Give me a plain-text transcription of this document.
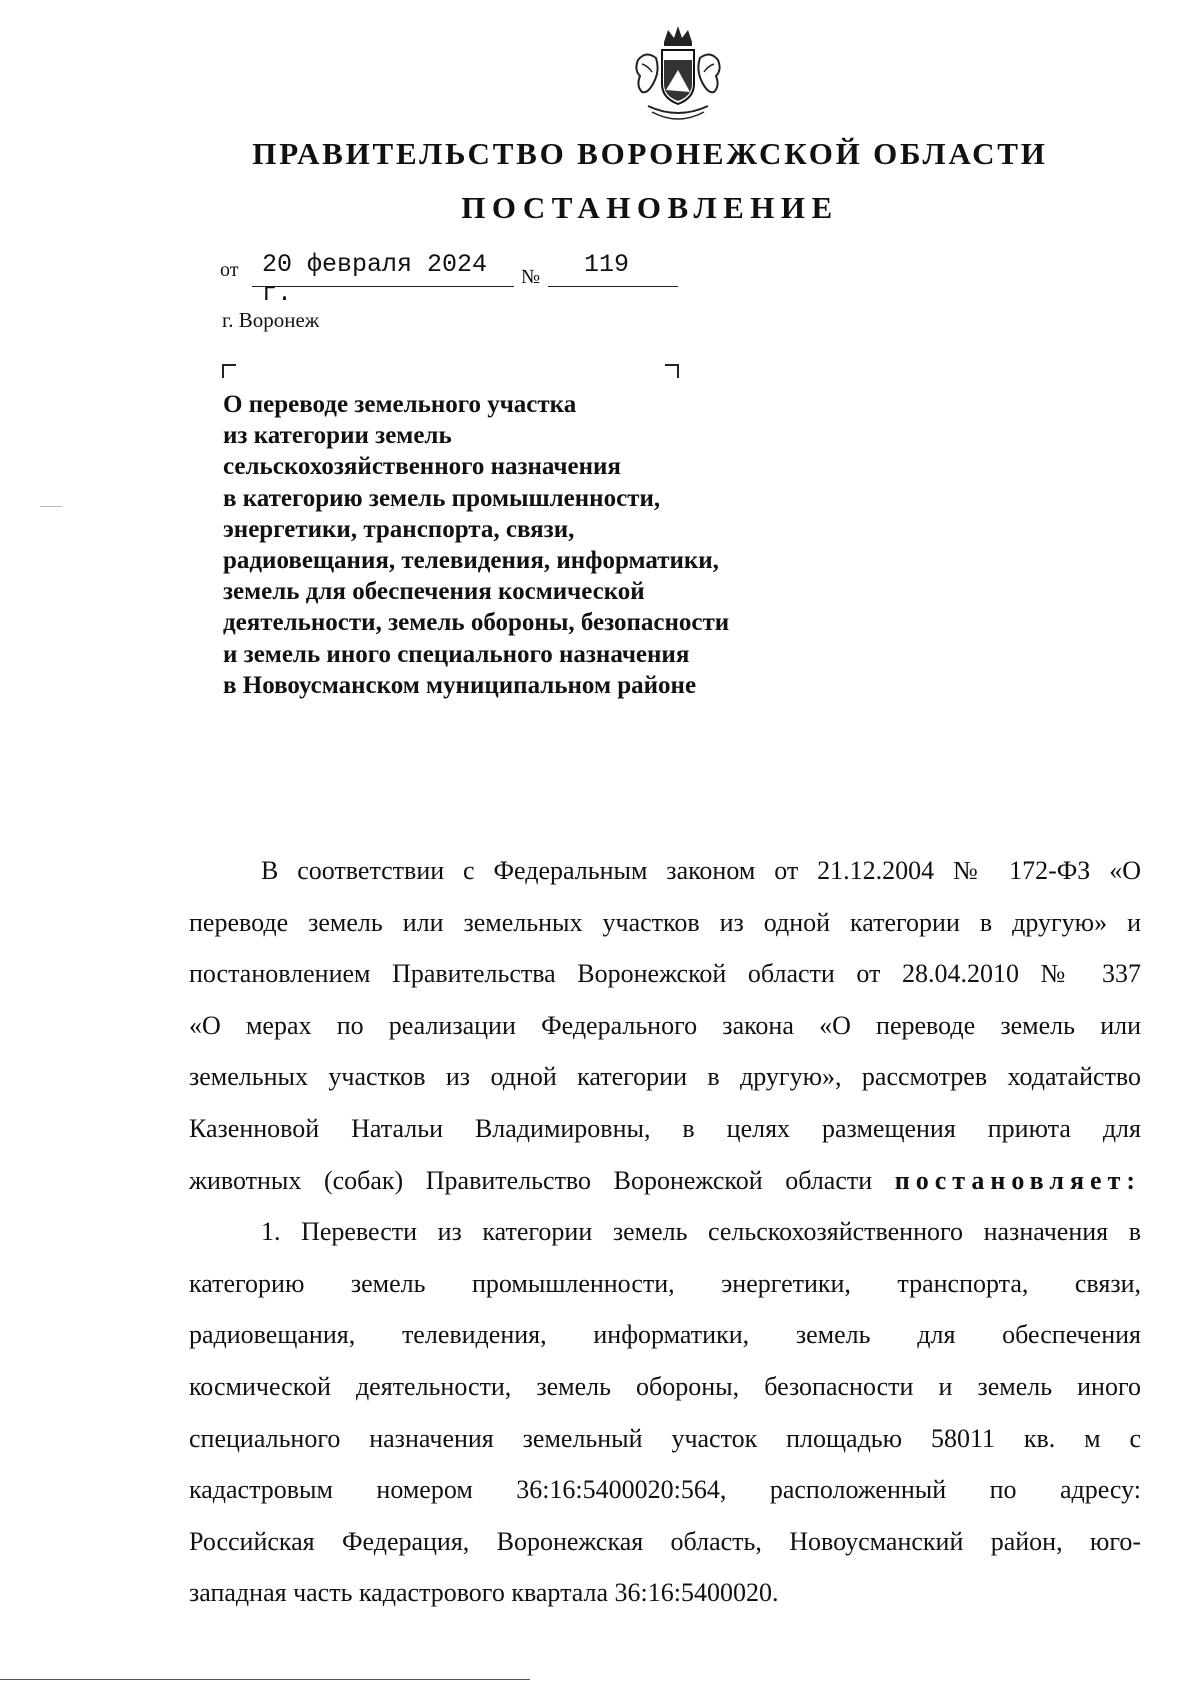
ПРАВИТЕЛЬСТВО ВОРОНЕЖСКОЙ ОБЛАСТИ
ПОСТАНОВЛЕНИЕ
от 20 февраля 2024 г.
№ 119
г. Воронеж
О переводе земельного участка
из категории земель
сельскохозяйственного назначения
в категорию земель промышленности,
энергетики, транспорта, связи,
радиовещания, телевидения, информатики,
земель для обеспечения космической
деятельности, земель обороны, безопасности
и земель иного специального назначения
в Новоусманском муниципальном районе
В соответствии с Федеральным законом от 21.12.2004 № 172-ФЗ «О
переводе земель или земельных участков из одной категории в другую» и
постановлением Правительства Воронежской области от 28.04.2010 № 337
«О мерах по реализации Федерального закона «О переводе земель или
земельных участков из одной категории в другую», рассмотрев ходатайство
Казенновой Натальи Владимировны, в целях размещения приюта для
животных (собак) Правительство Воронежской области постановляет:
1. Перевести из категории земель сельскохозяйственного назначения в
категорию земель промышленности, энергетики, транспорта, связи,
радиовещания, телевидения, информатики, земель для обеспечения
космической деятельности, земель обороны, безопасности и земель иного
специального назначения земельный участок площадью 58011 кв. м с
кадастровым номером 36:16:5400020:564, расположенный по адресу:
Российская Федерация, Воронежская область, Новоусманский район, юго-
западная часть кадастрового квартала 36:16:5400020.
